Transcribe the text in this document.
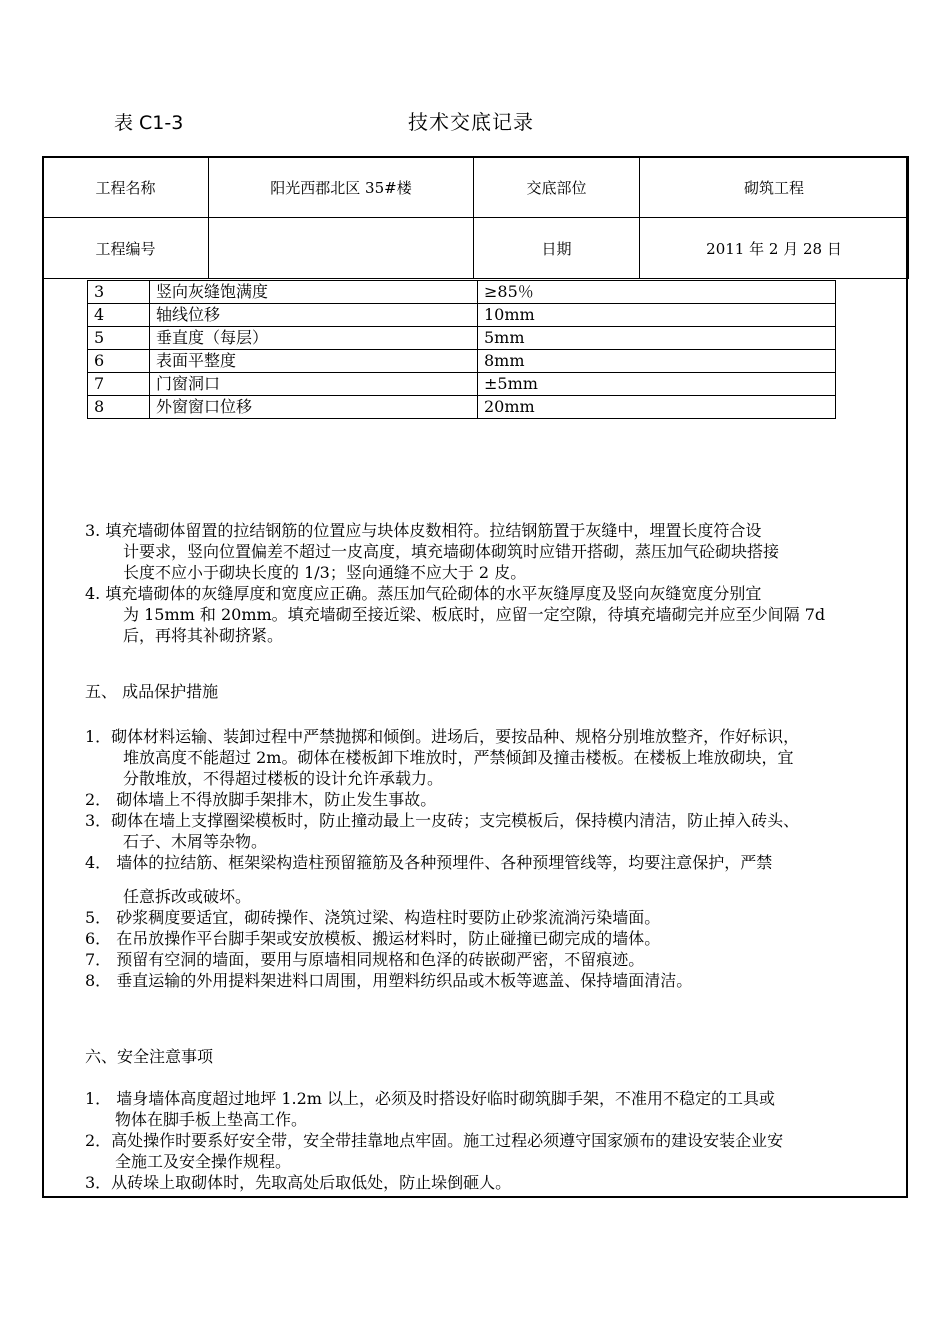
表 C1-3	技术交底记录
工程名称	阳光西郡北区 35#楼	交底部位	砌筑工程
工程编号		日期	2011 年 2 月 28 日
3	竖向灰缝饱满度	≥85％
4	轴线位移	10mm
5	垂直度（每层）	5mm
6	表面平整度	8mm
7	门窗洞口	±5mm
8	外窗窗口位移	20mm
3. 填充墙砌体留置的拉结钢筋的位置应与块体皮数相符。拉结钢筋置于灰缝中，埋置长度符合设
计要求，竖向位置偏差不超过一皮高度，填充墙砌体砌筑时应错开搭砌，蒸压加气砼砌块搭接
长度不应小于砌块长度的 1/3；竖向通缝不应大于 2 皮。
4. 填充墙砌体的灰缝厚度和宽度应正确。蒸压加气砼砌体的水平灰缝厚度及竖向灰缝宽度分别宜
为 15mm 和 20mm。填充墙砌至接近梁、板底时，应留一定空隙，待填充墙砌完并应至少间隔 7d
后，再将其补砌挤紧。
五、 成品保护措施
1．砌体材料运输、装卸过程中严禁抛掷和倾倒。进场后，要按品种、规格分别堆放整齐，作好标识，
堆放高度不能超过 2m。砌体在楼板卸下堆放时，严禁倾卸及撞击楼板。在楼板上堆放砌块，宜
分散堆放，不得超过楼板的设计允许承载力。
2． 砌体墙上不得放脚手架排木，防止发生事故。
3．砌体在墙上支撑圈梁模板时，防止撞动最上一皮砖；支完模板后，保持模内清洁，防止掉入砖头、
石子、木屑等杂物。
4． 墙体的拉结筋、框架梁构造柱预留箍筋及各种预埋件、各种预埋管线等，均要注意保护，严禁
任意拆改或破坏。
5． 砂浆稠度要适宜，砌砖操作、浇筑过梁、构造柱时要防止砂浆流淌污染墙面。
6． 在吊放操作平台脚手架或安放模板、搬运材料时，防止碰撞已砌完成的墙体。
7． 预留有空洞的墙面，要用与原墙相同规格和色泽的砖嵌砌严密，不留痕迹。
8． 垂直运输的外用提料架进料口周围，用塑料纺织品或木板等遮盖、保持墙面清洁。
六、安全注意事项
1． 墙身墙体高度超过地坪 1.2m 以上，必须及时搭设好临时砌筑脚手架，不准用不稳定的工具或
物体在脚手板上垫高工作。
2．高处操作时要系好安全带，安全带挂靠地点牢固。施工过程必须遵守国家颁布的建设安装企业安
全施工及安全操作规程。
3．从砖垛上取砌体时，先取高处后取低处，防止垛倒砸人。
